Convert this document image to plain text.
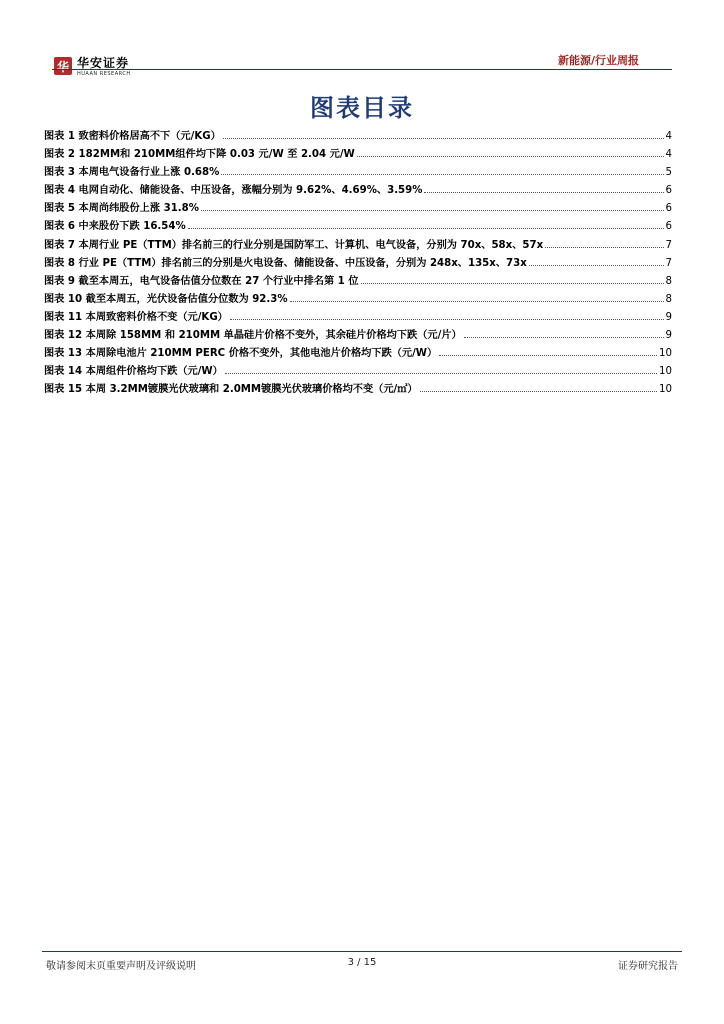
华 华安证券
HUAAN RESEARCH
新能源/行业周报
图表目录
图表 1 致密料价格居高不下（元/KG）	4
图表 2 182MM和 210MM组件均下降 0.03 元/W 至 2.04 元/W	4
图表 3 本周电气设备行业上涨 0.68%	5
图表 4 电网自动化、储能设备、中压设备，涨幅分别为 9.62%、4.69%、3.59%	6
图表 5 本周尚纬股份上涨 31.8%	6
图表 6 中来股份下跌 16.54%	6
图表 7 本周行业 PE（TTM）排名前三的行业分别是国防军工、计算机、电气设备，分别为 70x、58x、57x	7
图表 8 行业 PE（TTM）排名前三的分别是火电设备、储能设备、中压设备，分别为 248x、135x、73x	7
图表 9 截至本周五，电气设备估值分位数在 27 个行业中排名第 1 位	8
图表 10 截至本周五，光伏设备估值分位数为 92.3%	8
图表 11 本周致密料价格不变（元/KG）	9
图表 12 本周除 158MM 和 210MM 单晶硅片价格不变外，其余硅片价格均下跌（元/片）	9
图表 13 本周除电池片 210MM PERC 价格不变外，其他电池片价格均下跌（元/W）	10
图表 14 本周组件价格均下跌（元/W）	10
图表 15 本周 3.2MM镀膜光伏玻璃和 2.0MM镀膜光伏玻璃价格均不变（元/㎡）	10
敬请参阅末页重要声明及评级说明	3 / 15	证券研究报告
